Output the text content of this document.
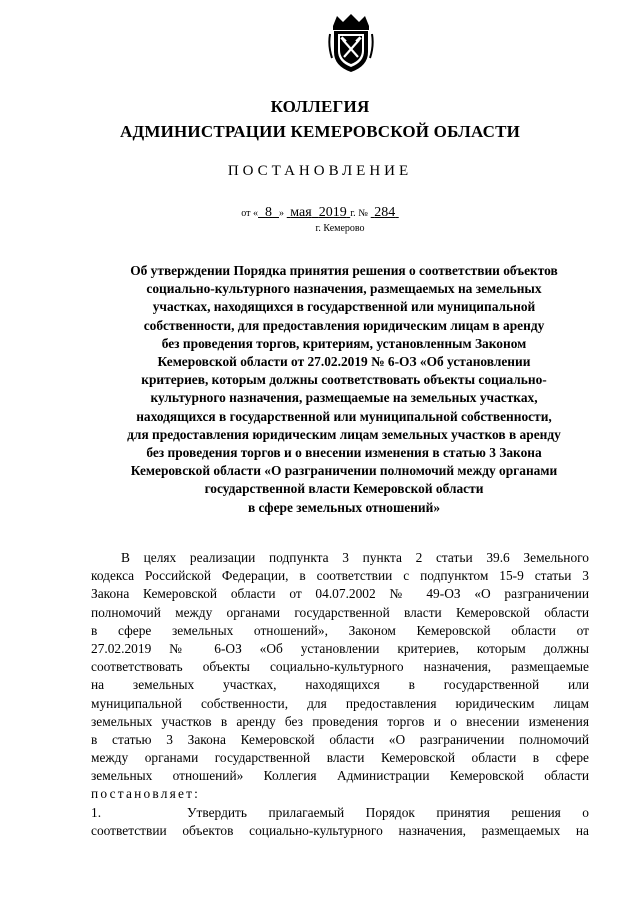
КОЛЛЕГИЯ
АДМИНИСТРАЦИИ КЕМЕРОВСКОЙ ОБЛАСТИ
ПОСТАНОВЛЕНИЕ
от « 8 » мая 2019 г. № 284
г. Кемерово
Об утверждении Порядка принятия решения о соответствии объектов
социально-культурного назначения, размещаемых на земельных
участках, находящихся в государственной или муниципальной
собственности, для предоставления юридическим лицам в аренду
без проведения торгов, критериям, установленным Законом
Кемеровской области от 27.02.2019 № 6-ОЗ «Об установлении
критериев, которым должны соответствовать объекты социально-
культурного назначения, размещаемые на земельных участках,
находящихся в государственной или муниципальной собственности,
для предоставления юридическим лицам земельных участков в аренду
без проведения торгов и о внесении изменения в статью 3 Закона
Кемеровской области «О разграничении полномочий между органами
государственной власти Кемеровской области
в сфере земельных отношений»
В целях реализации подпункта 3 пункта 2 статьи 39.6 Земельного
кодекса Российской Федерации, в соответствии с подпунктом 15-9 статьи 3
Закона Кемеровской области от 04.07.2002 № 49-ОЗ «О разграничении
полномочий между органами государственной власти Кемеровской области
в сфере земельных отношений», Законом Кемеровской области от
27.02.2019 № 6-ОЗ «Об установлении критериев, которым должны
соответствовать объекты социально-культурного назначения, размещаемые
на земельных участках, находящихся в государственной или
муниципальной собственности, для предоставления юридическим лицам
земельных участков в аренду без проведения торгов и о внесении изменения
в статью 3 Закона Кемеровской области «О разграничении полномочий
между органами государственной власти Кемеровской области в сфере
земельных отношений» Коллегия Администрации Кемеровской области
постановляет:
1.	Утвердить прилагаемый Порядок принятия решения о
соответствии объектов социально-культурного назначения, размещаемых на
